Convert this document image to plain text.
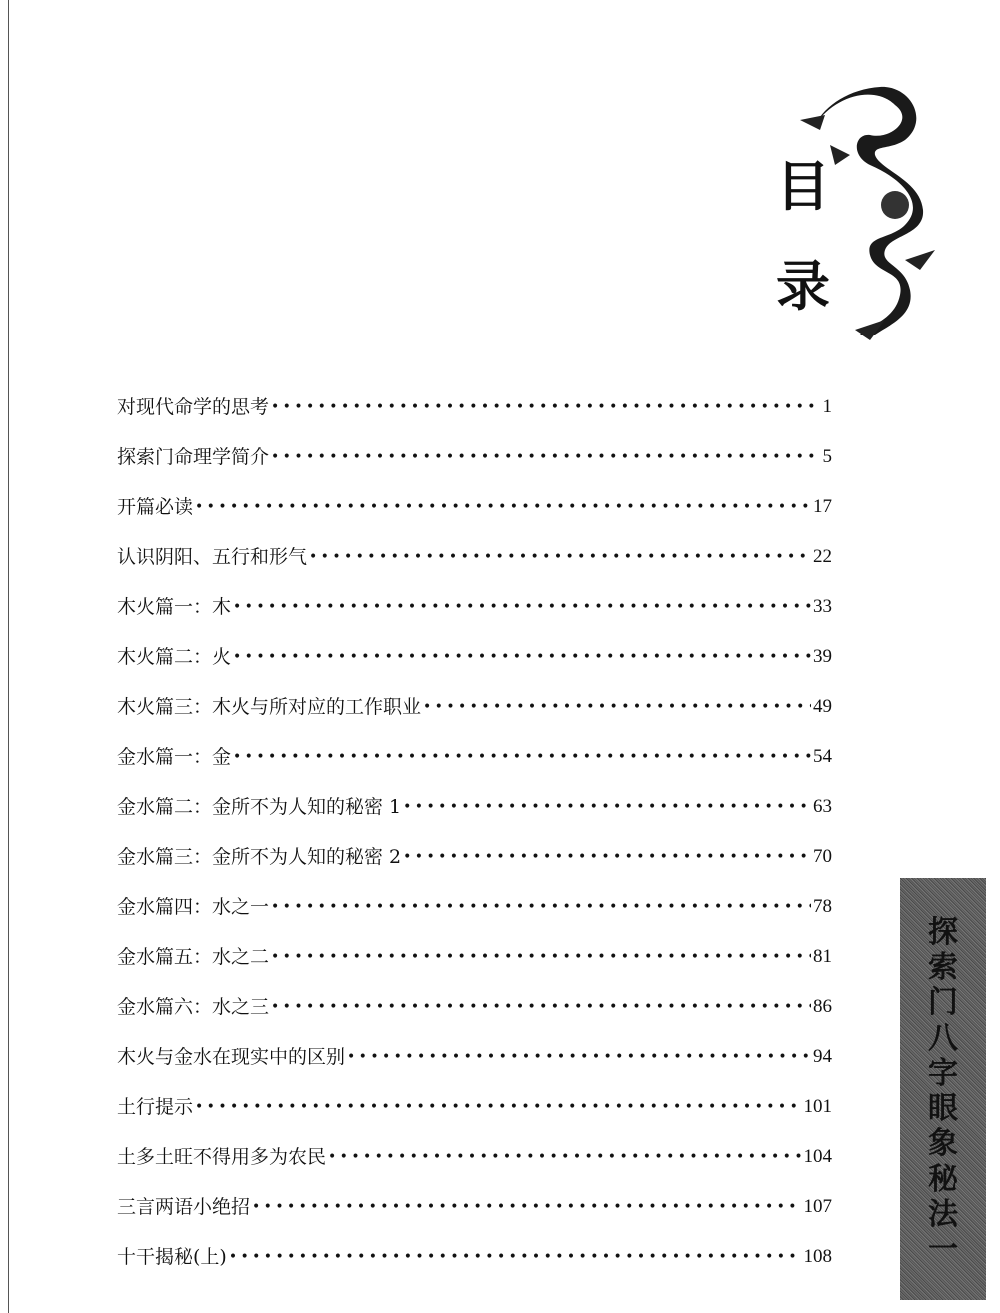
目
录
对现代命学的思考 •••••	1
探索门命理学简介 •••••	5
开篇必读 •••••	17
认识阴阳、五行和形气 •••••	22
木火篇一：木 •••••	33
木火篇二：火 •••••	39
木火篇三：木火与所对应的工作职业 •••••	49
金水篇一：金 •••••	54
金水篇二：金所不为人知的秘密 1 •••••	63
金水篇三：金所不为人知的秘密 2 •••••	70
金水篇四：水之一 •••••	78
金水篇五：水之二 •••••	81
金水篇六：水之三 •••••	86
木火与金水在现实中的区别 •••••	94
土行提示 •••••	101
土多土旺不得用多为农民 •••••	104
三言两语小绝招 •••••	107
十干揭秘(上) •••••	108
探
索
门
八
字
眼
象
秘
法
一
